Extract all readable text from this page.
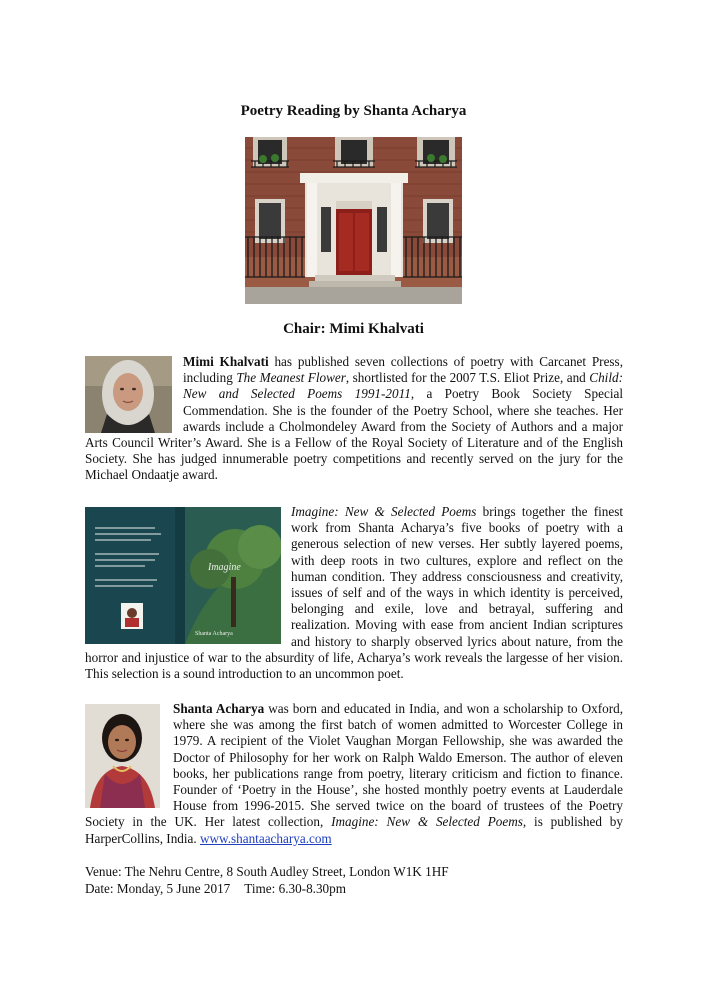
Poetry Reading by Shanta Acharya
Chair: Mimi Khalvati

Mimi Khalvati has published seven collections of poetry with Carcanet Press, including The Meanest Flower, shortlisted for the 2007 T.S. Eliot Prize, and Child: New and Selected Poems 1991-2011, a Poetry Book Society Special Commendation. She is the founder of the Poetry School, where she teaches. Her awards include a Cholmondeley Award from the Society of Authors and a major Arts Council Writer’s Award. She is a Fellow of the Royal Society of Literature and of the English Society. She has judged innumerable poetry competitions and recently served on the jury for the Michael Ondaatje award.

Imagine
Shanta Acharya

Imagine: New & Selected Poems brings together the finest work from Shanta Acharya’s five books of poetry with a generous selection of new verses. Her subtly layered poems, with deep roots in two cultures, explore and reflect on the human condition. They address consciousness and creativity, issues of self and of the ways in which identity is perceived, belonging and exile, love and betrayal, suffering and realization. Moving with ease from ancient Indian scriptures and history to sharply observed lyrics about nature, from the horror and injustice of war to the absurdity of life, Acharya’s work reveals the largesse of her vision. This selection is a sound introduction to an uncommon poet.

Shanta Acharya was born and educated in India, and won a scholarship to Oxford, where she was among the first batch of women admitted to Worcester College in 1979. A recipient of the Violet Vaughan Morgan Fellowship, she was awarded the Doctor of Philosophy for her work on Ralph Waldo Emerson. The author of eleven books, her publications range from poetry, literary criticism and fiction to finance. Founder of ‘Poetry in the House’, she hosted monthly poetry events at Lauderdale House from 1996-2015. She served twice on the board of trustees of the Poetry Society in the UK. Her latest collection, Imagine: New & Selected Poems, is published by HarperCollins, India. www.shantaacharya.com

Venue: The Nehru Centre, 8 South Audley Street, London W1K 1HF
Date: Monday, 5 June 2017 Time: 6.30-8.30pm
